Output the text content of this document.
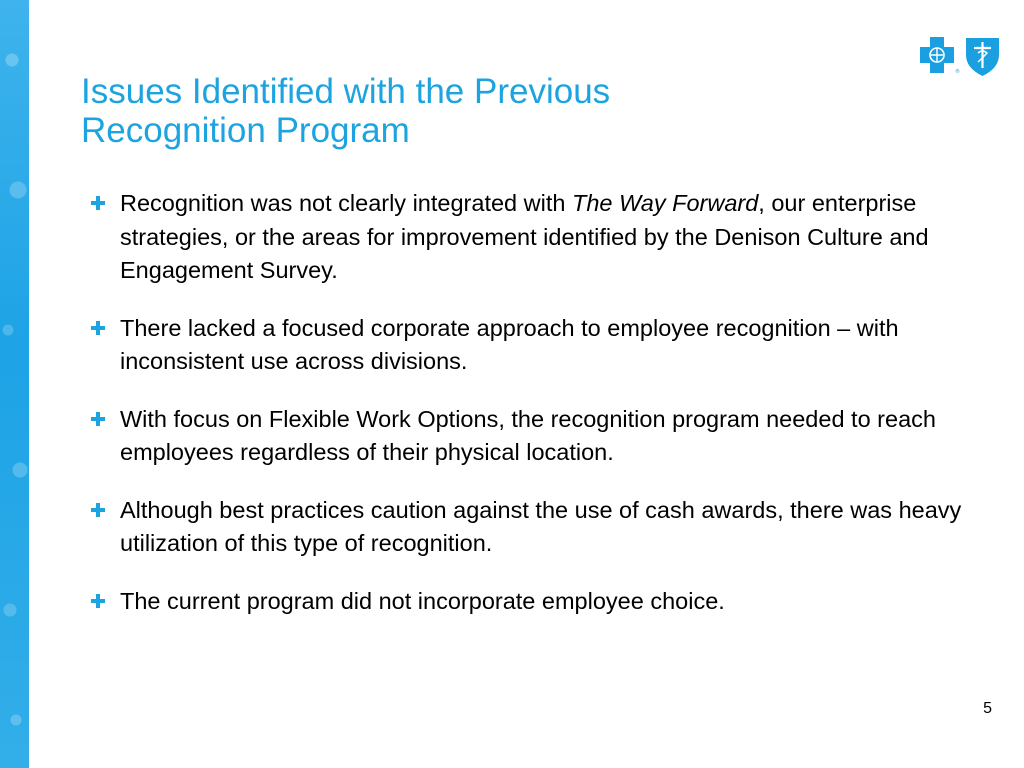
®
Issues Identified with the Previous
Recognition Program
Recognition was not clearly integrated with The Way Forward, our enterprise strategies, or the areas for improvement identified by the Denison Culture and Engagement Survey.
There lacked a focused corporate approach to employee recognition – with inconsistent use across divisions.
With focus on Flexible Work Options, the recognition program needed to reach employees regardless of their physical location.
Although best practices caution against the use of cash awards, there was heavy utilization of this type of recognition.
The current program did not incorporate employee choice.
5
